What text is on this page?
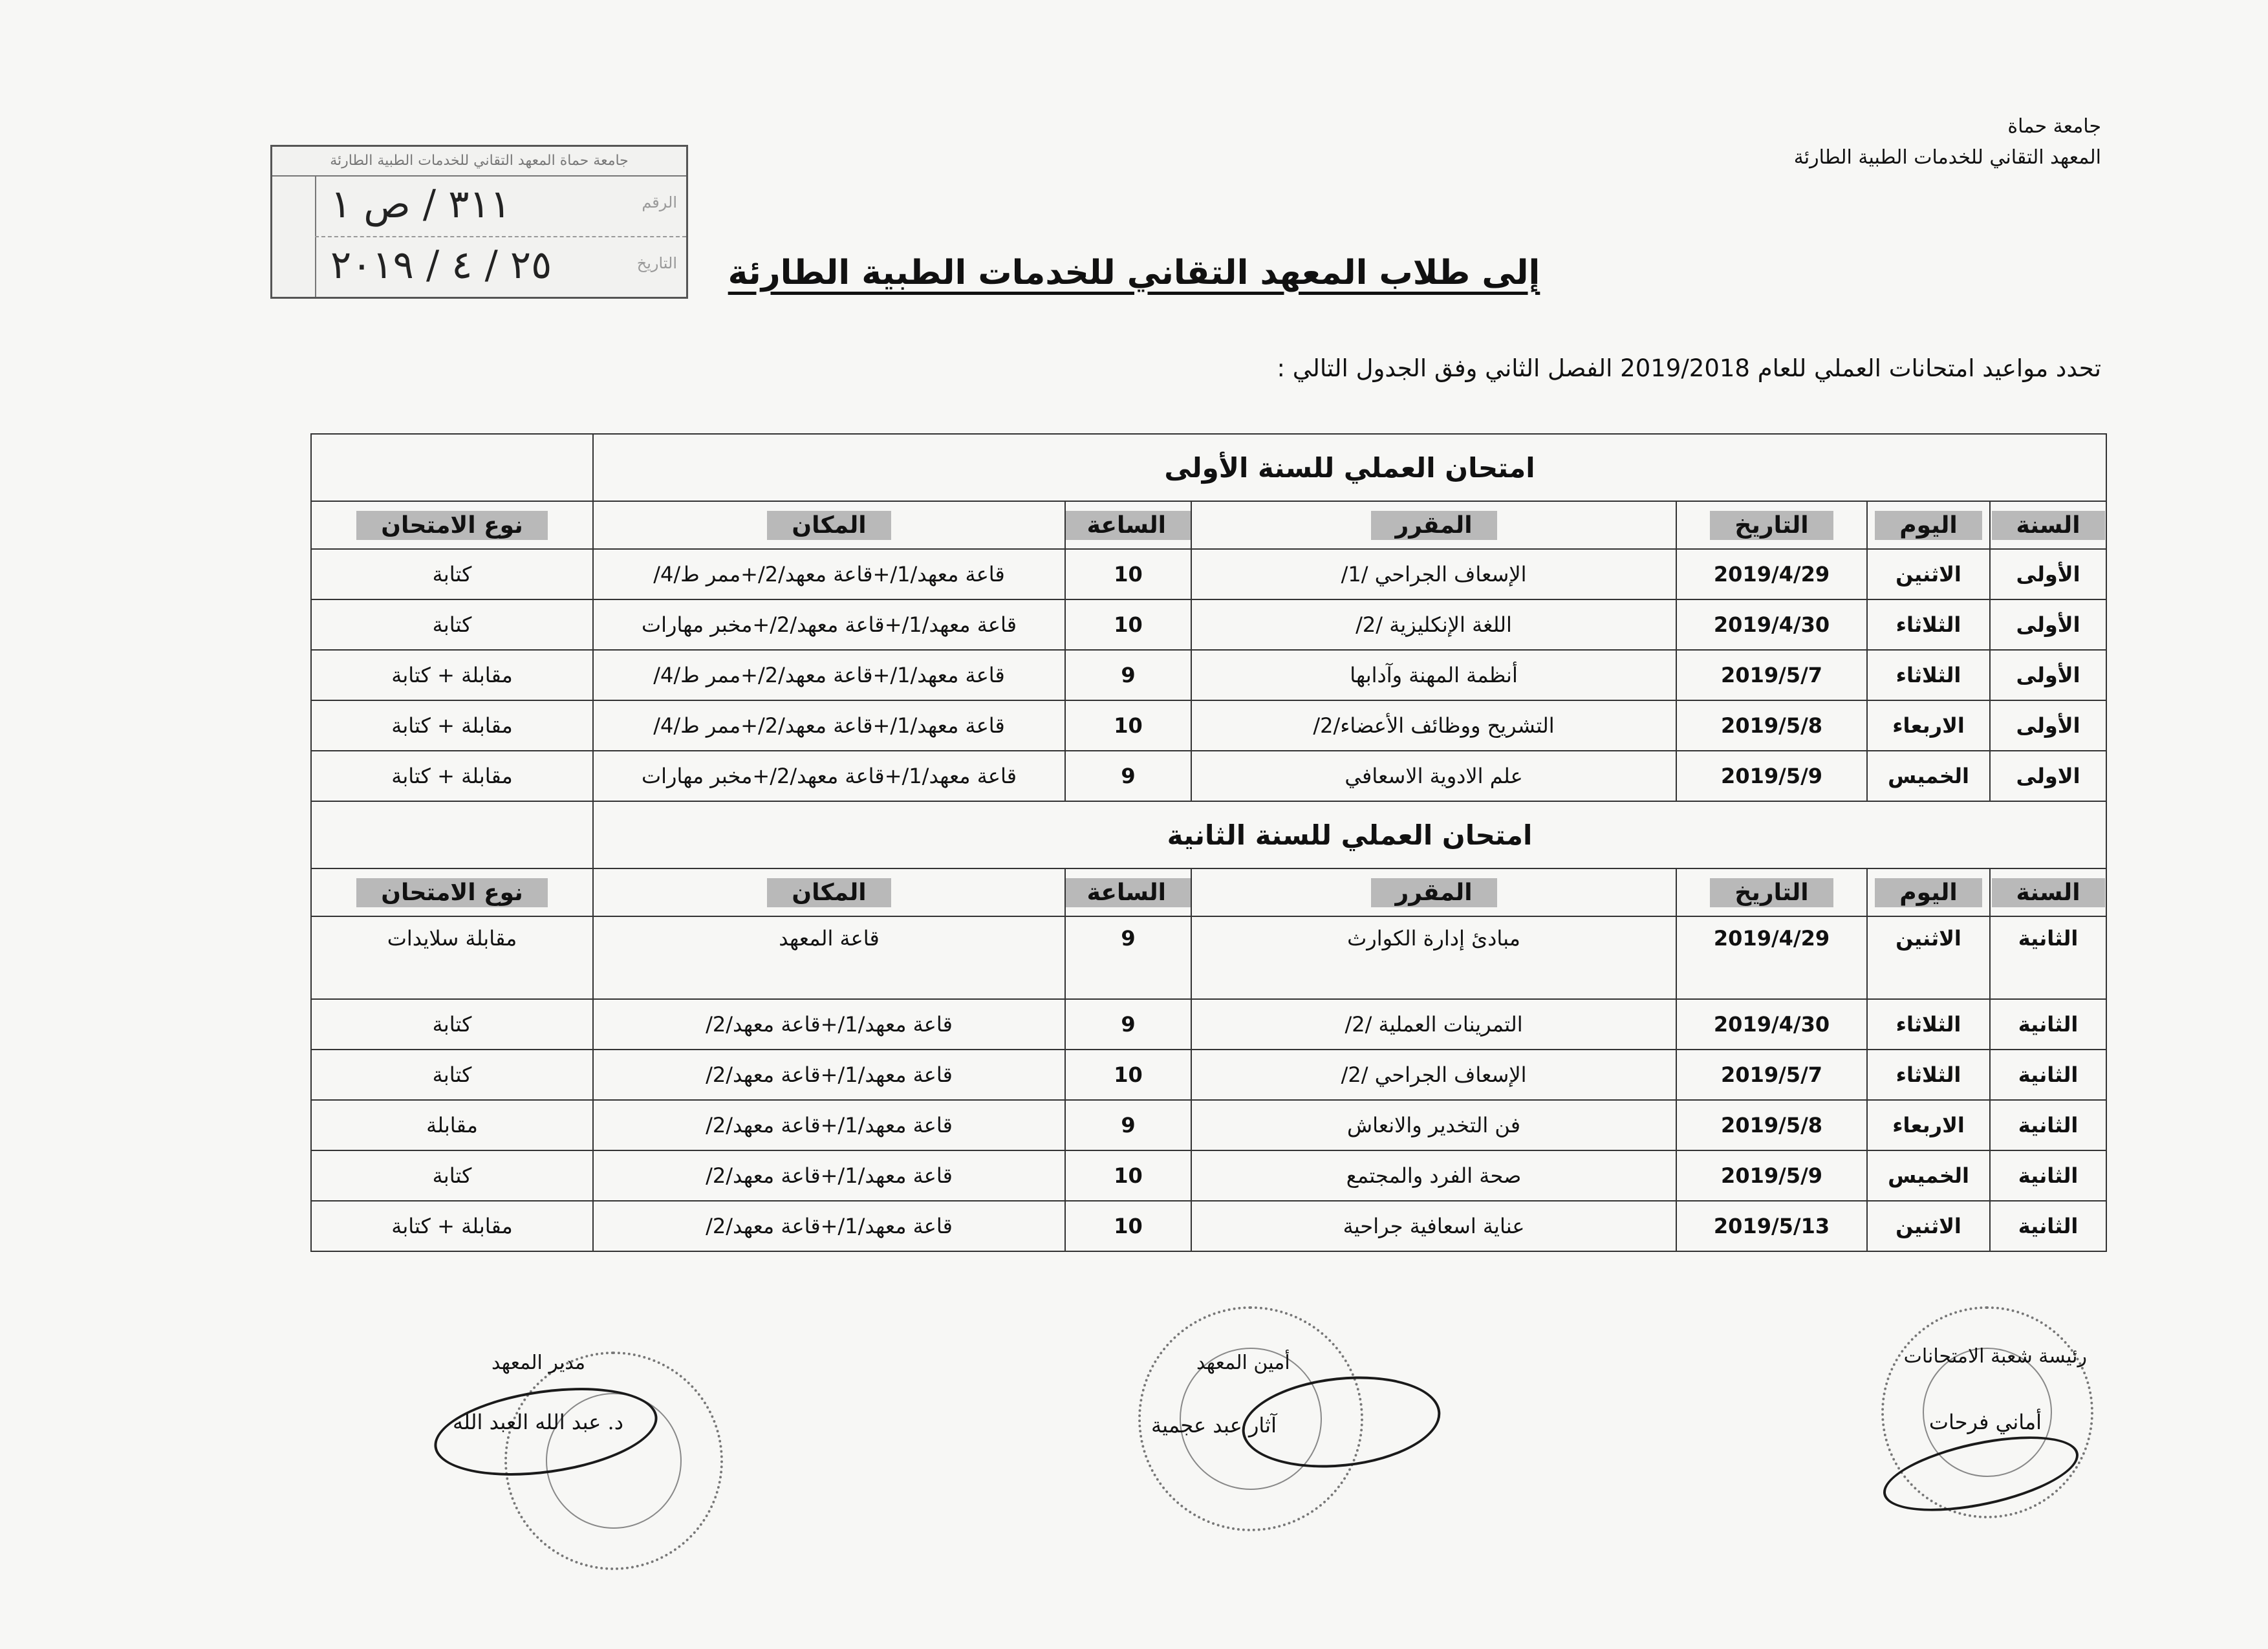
جامعة حماة
المعهد التقاني للخدمات الطبية الطارئة
جامعة حماة المعهد التقاني للخدمات الطبية الطارئة
الرقم
٣١١ / ص ١
التاريخ
٢٥ / ٤ / ٢٠١٩	إلى طلاب المعهد التقاني للخدمات الطبية الطارئة
تحدد مواعيد امتحانات العملي للعام 2019/2018 الفصل الثاني وفق الجدول التالي :
امتحان العملي للسنة الأولى						
السنة	اليوم	التاريخ	المقرر	الساعة	المكان	نوع الامتحان
الأولى	الاثنين	2019/4/29	الإسعاف الجراحي /1/	10	قاعة معهد/1/+قاعة معهد/2/+ممر ط/4/	كتابة
الأولى	الثلاثاء	2019/4/30	اللغة الإنكليزية /2/	10	قاعة معهد/1/+قاعة معهد/2/+مخبر مهارات	كتابة
الأولى	الثلاثاء	2019/5/7	أنظمة المهنة وآدابها	9	قاعة معهد/1/+قاعة معهد/2/+ممر ط/4/	مقابلة + كتابة
الأولى	الاربعاء	2019/5/8	التشريح ووظائف الأعضاء/2/	10	قاعة معهد/1/+قاعة معهد/2/+ممر ط/4/	مقابلة + كتابة
الاولى	الخميس	2019/5/9	علم الادوية الاسعافي	9	قاعة معهد/1/+قاعة معهد/2/+مخبر مهارات	مقابلة + كتابة
امتحان العملي للسنة الثانية						
السنة	اليوم	التاريخ	المقرر	الساعة	المكان	نوع الامتحان
الثانية	الاثنين	2019/4/29	مبادئ إدارة الكوارث	9	قاعة المعهد	مقابلة سلايدات
الثانية	الثلاثاء	2019/4/30	التمرينات العملية /2/	9	قاعة معهد/1/+قاعة معهد/2/	كتابة
الثانية	الثلاثاء	2019/5/7	الإسعاف الجراحي /2/	10	قاعة معهد/1/+قاعة معهد/2/	كتابة
الثانية	الاربعاء	2019/5/8	فن التخدير والانعاش	9	قاعة معهد/1/+قاعة معهد/2/	مقابلة
الثانية	الخميس	2019/5/9	صحة الفرد والمجتمع	10	قاعة معهد/1/+قاعة معهد/2/	كتابة
الثانية	الاثنين	2019/5/13	عناية اسعافية جراحية	10	قاعة معهد/1/+قاعة معهد/2/	مقابلة + كتابة
رئيسة شعبة الامتحانات
أماني فرحات
أمين المعهد
آثار عبد عجمية
مدير المعهد
د. عبد الله العبد الله
